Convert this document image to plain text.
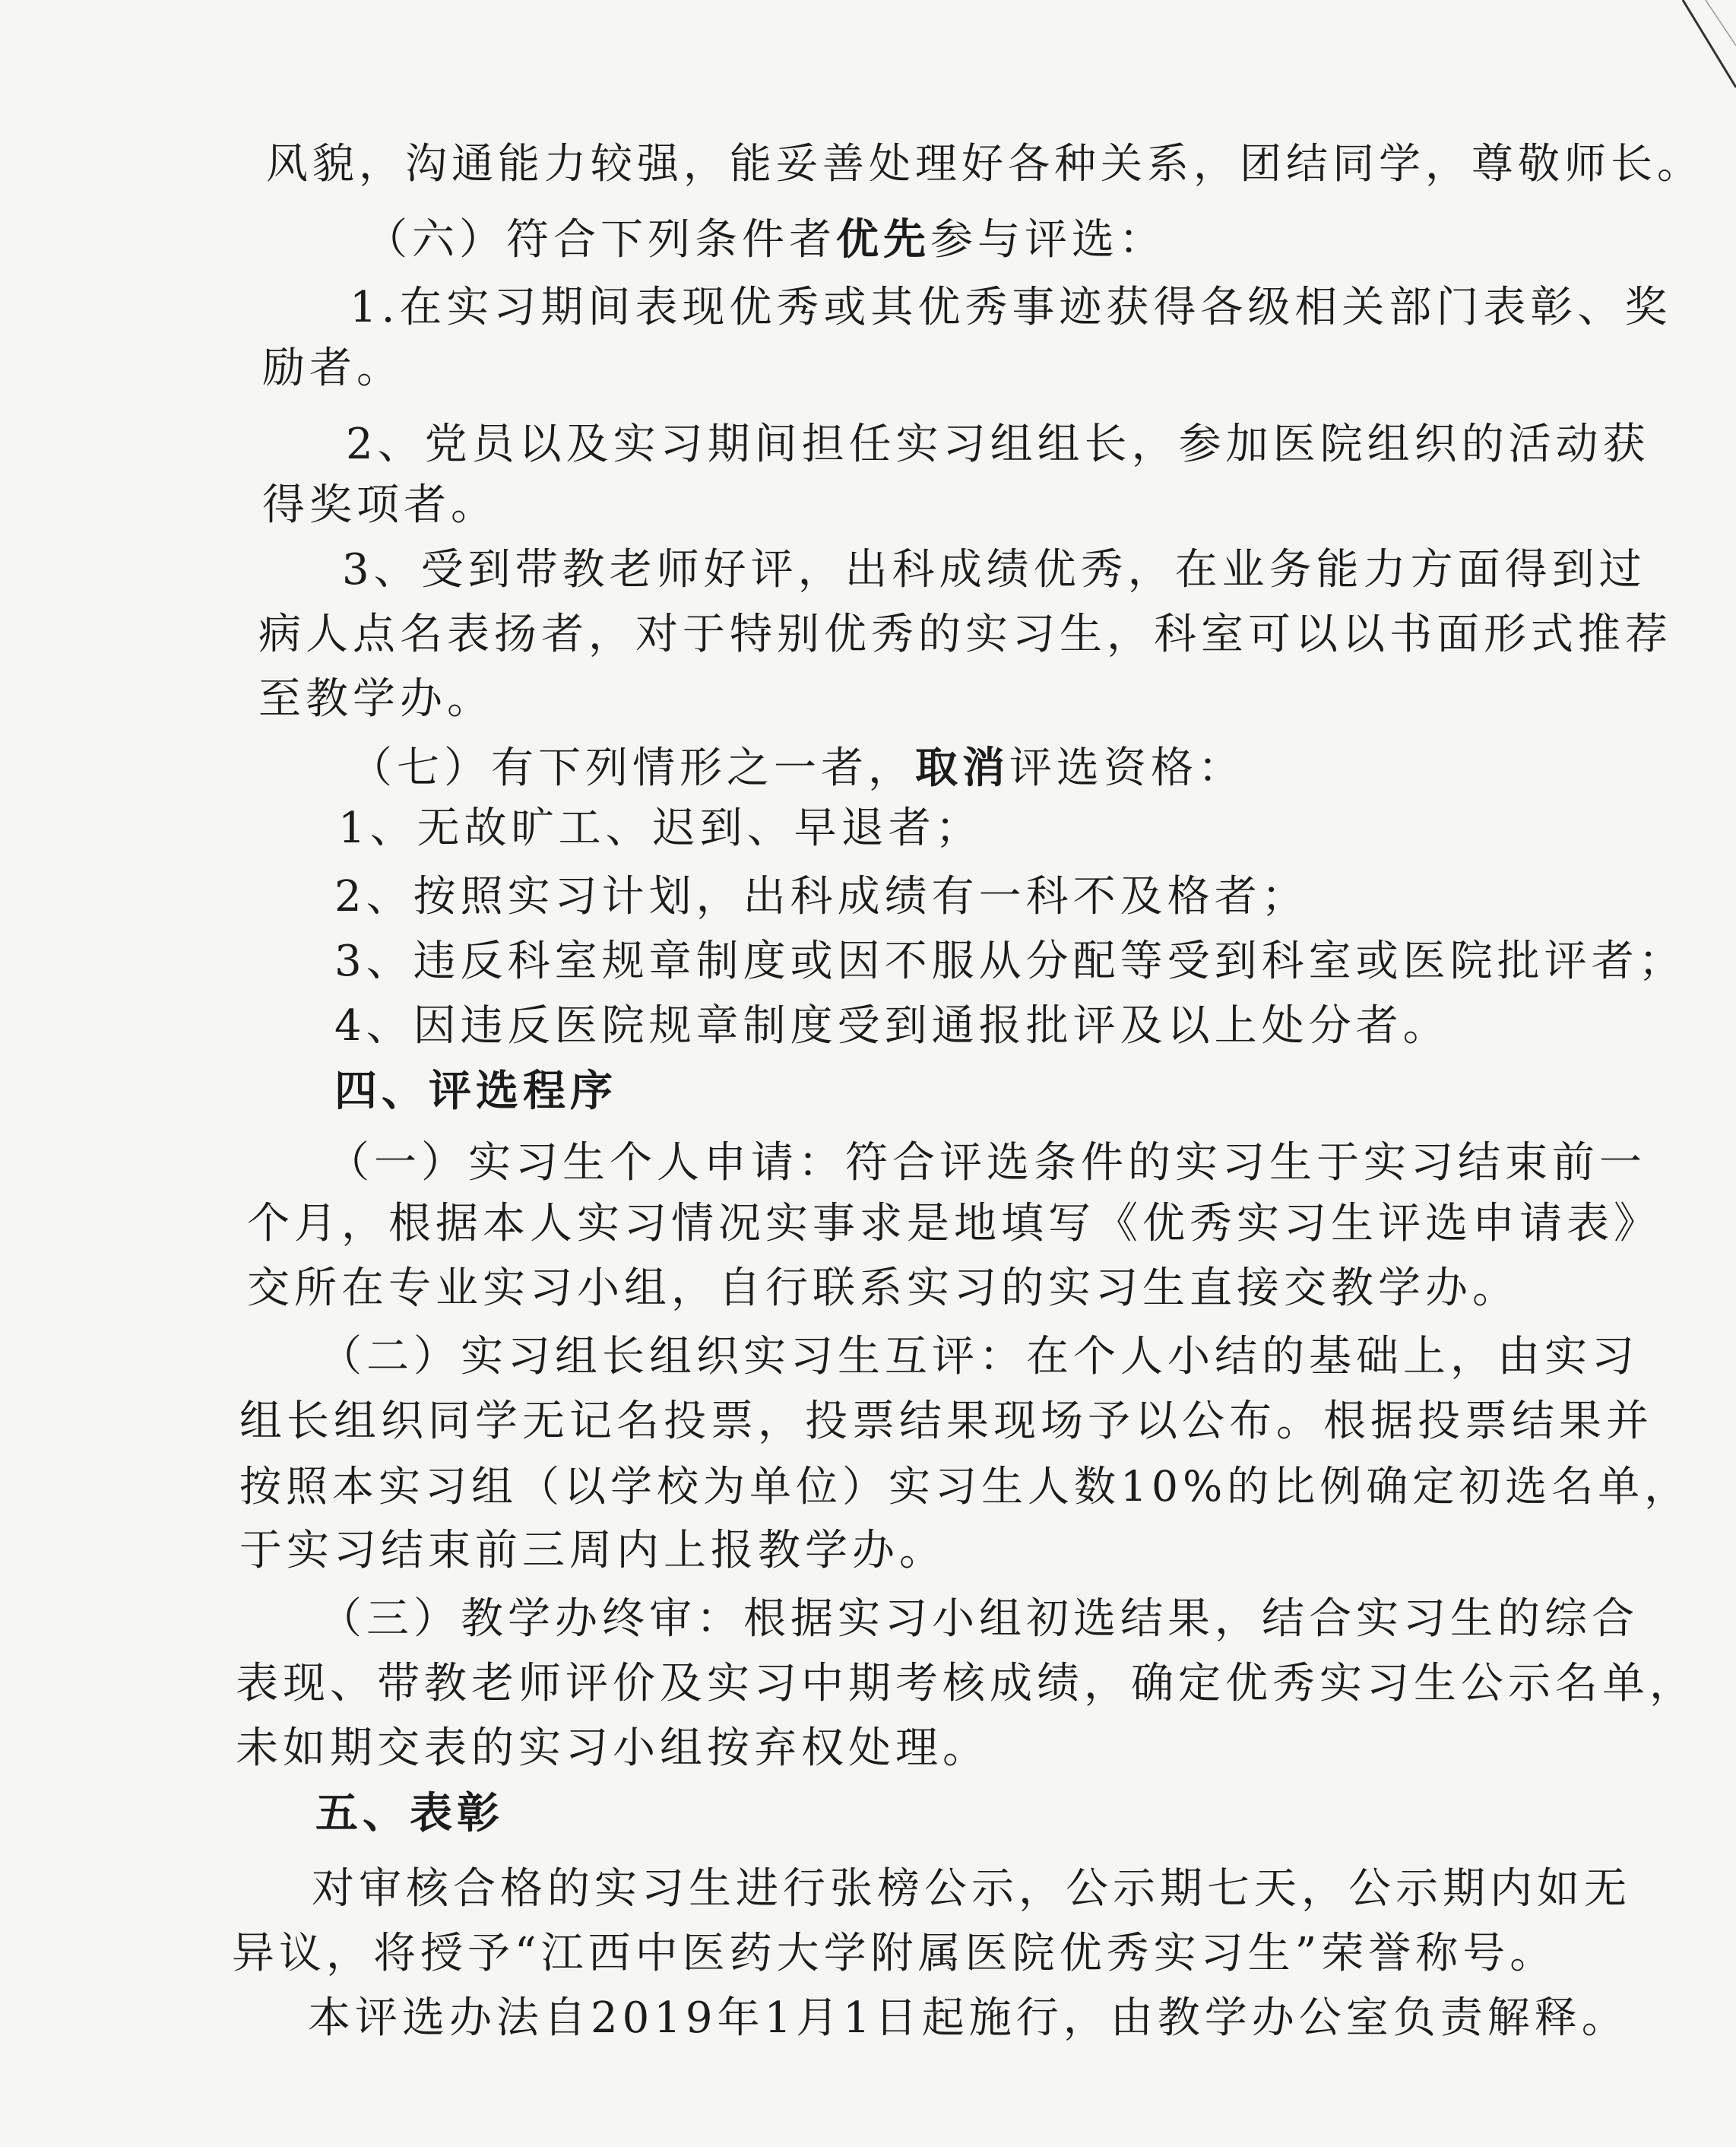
风貌，沟通能力较强，能妥善处理好各种关系，团结同学，尊敬师长。
（六）符合下列条件者优先参与评选：
1.在实习期间表现优秀或其优秀事迹获得各级相关部门表彰、奖
励者。
2、党员以及实习期间担任实习组组长，参加医院组织的活动获
得奖项者。
3、受到带教老师好评，出科成绩优秀，在业务能力方面得到过
病人点名表扬者，对于特别优秀的实习生，科室可以以书面形式推荐
至教学办。
（七）有下列情形之一者，取消评选资格：
1、无故旷工、迟到、早退者；
2、按照实习计划，出科成绩有一科不及格者；
3、违反科室规章制度或因不服从分配等受到科室或医院批评者；
4、因违反医院规章制度受到通报批评及以上处分者。
四、评选程序
（一）实习生个人申请：符合评选条件的实习生于实习结束前一
个月，根据本人实习情况实事求是地填写《优秀实习生评选申请表》
交所在专业实习小组，自行联系实习的实习生直接交教学办。
（二）实习组长组织实习生互评：在个人小结的基础上，由实习
组长组织同学无记名投票，投票结果现场予以公布。根据投票结果并
按照本实习组（以学校为单位）实习生人数10%的比例确定初选名单，
于实习结束前三周内上报教学办。
（三）教学办终审：根据实习小组初选结果，结合实习生的综合
表现、带教老师评价及实习中期考核成绩，确定优秀实习生公示名单，
未如期交表的实习小组按弃权处理。
五、表彰
对审核合格的实习生进行张榜公示，公示期七天，公示期内如无
异议，将授予“江西中医药大学附属医院优秀实习生”荣誉称号。
本评选办法自2019年1月1日起施行，由教学办公室负责解释。
